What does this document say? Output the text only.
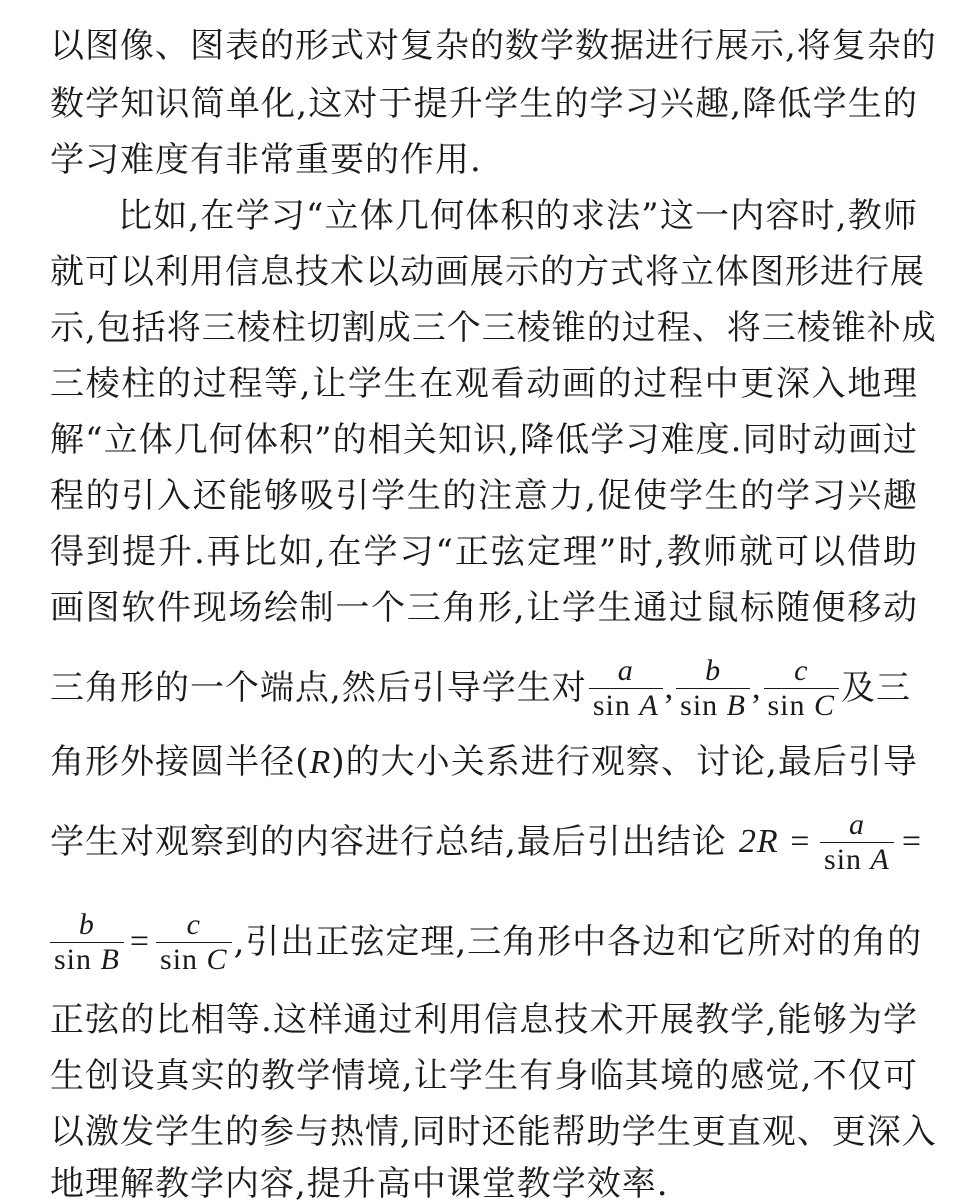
以图像、图表的形式对复杂的数学数据进行展示,将复杂的
数学知识简单化,这对于提升学生的学习兴趣,降低学生的
学习难度有非常重要的作用.
比如,在学习“立体几何体积的求法”这一内容时,教师
就可以利用信息技术以动画展示的方式将立体图形进行展
示,包括将三棱柱切割成三个三棱锥的过程、将三棱锥补成
三棱柱的过程等,让学生在观看动画的过程中更深入地理
解“立体几何体积”的相关知识,降低学习难度.同时动画过
程的引入还能够吸引学生的注意力,促使学生的学习兴趣
得到提升.再比如,在学习“正弦定理”时,教师就可以借助
画图软件现场绘制一个三角形,让学生通过鼠标随便移动
三角形的一个端点,然后引导学生对 $\frac{a}{\text{sin A}}$ , $\frac{b}{\text{sin B}}$ , $\frac{c}{\text{sin C}}$ 及三
角形外接圆半径(R)的大小关系进行观察、讨论,最后引导
学生对观察到的内容进行总结,最后引出结论 $2R = \frac{a}{\text{sin A}}$ =
$\frac{b}{\text{sin B}} = \frac{c}{\text{sin C}}$ ,引出正弦定理,三角形中各边和它所对的角的
正弦的比相等.这样通过利用信息技术开展教学,能够为学
生创设真实的教学情境,让学生有身临其境的感觉,不仅可
以激发学生的参与热情,同时还能帮助学生更直观、更深入
地理解教学内容,提升高中课堂教学效率.
